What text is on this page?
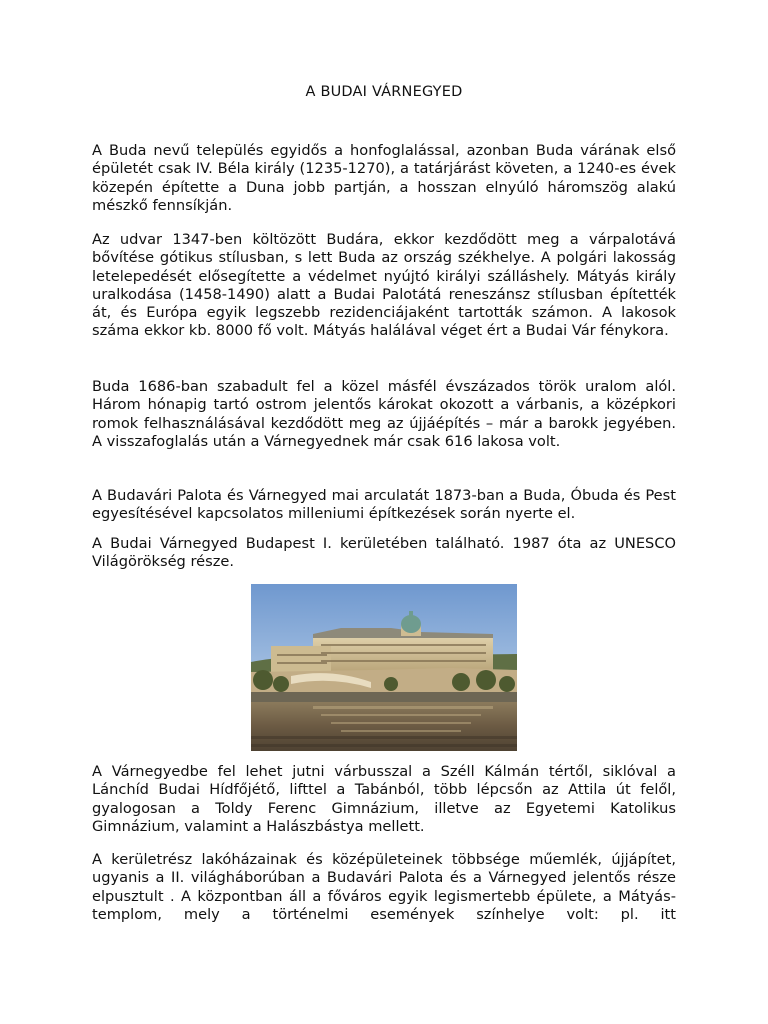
A BUDAI VÁRNEGYED

A Buda nevű település egyidős a honfoglalással, azonban Buda várának első épületét csak IV. Béla király (1235-1270), a tatárjárást követen, a 1240-es évek közepén építette a Duna jobb partján, a hosszan elnyúló háromszög alakú mészkő fennsíkján.

Az udvar 1347-ben költözött Budára, ekkor kezdődött meg a várpalotává bővítése gótikus stílusban, s lett Buda az ország székhelye. A polgári lakosság letelepedését elősegítette a védelmet nyújtó királyi szálláshely. Mátyás király uralkodása (1458-1490) alatt a Budai Palotátá reneszánsz stílusban építették át, és Európa egyik legszebb rezidenciájaként tartották számon. A lakosok száma ekkor kb. 8000 fő volt. Mátyás halálával véget ért a Budai Vár fénykora.

Buda 1686-ban szabadult fel a közel másfél évszázados török uralom alól. Három hónapig tartó ostrom jelentős károkat okozott a várbanis, a középkori romok felhasználásával kezdődött meg az újjáépítés – már a barokk jegyében. A visszafoglalás után a Várnegyednek már csak 616 lakosa volt.

A Budavári Palota és Várnegyed mai arculatát 1873-ban a Buda, Óbuda és Pest egyesítésével kapcsolatos milleniumi építkezések során nyerte el.

A Budai Várnegyed Budapest I. kerületében található. 1987 óta az UNESCO Világörökség része.

A Várnegyedbe fel lehet jutni várbusszal a Széll Kálmán tértől, siklóval a Lánchíd Budai Hídfőjétő, lifttel a Tabánból, több lépcsőn az Attila út felől, gyalogosan a Toldy Ferenc Gimnázium, illetve az Egyetemi Katolikus Gimnázium, valamint a Halászbástya mellett.

A kerületrész lakóházainak és középületeinek többsége műemlék, újjápítet, ugyanis a II. világháborúban a Budavári Palota és a Várnegyed jelentős része elpusztult . A központban áll a főváros egyik legismertebb épülete, a Mátyás-templom, mely a történelmi események színhelye volt: pl. itt
